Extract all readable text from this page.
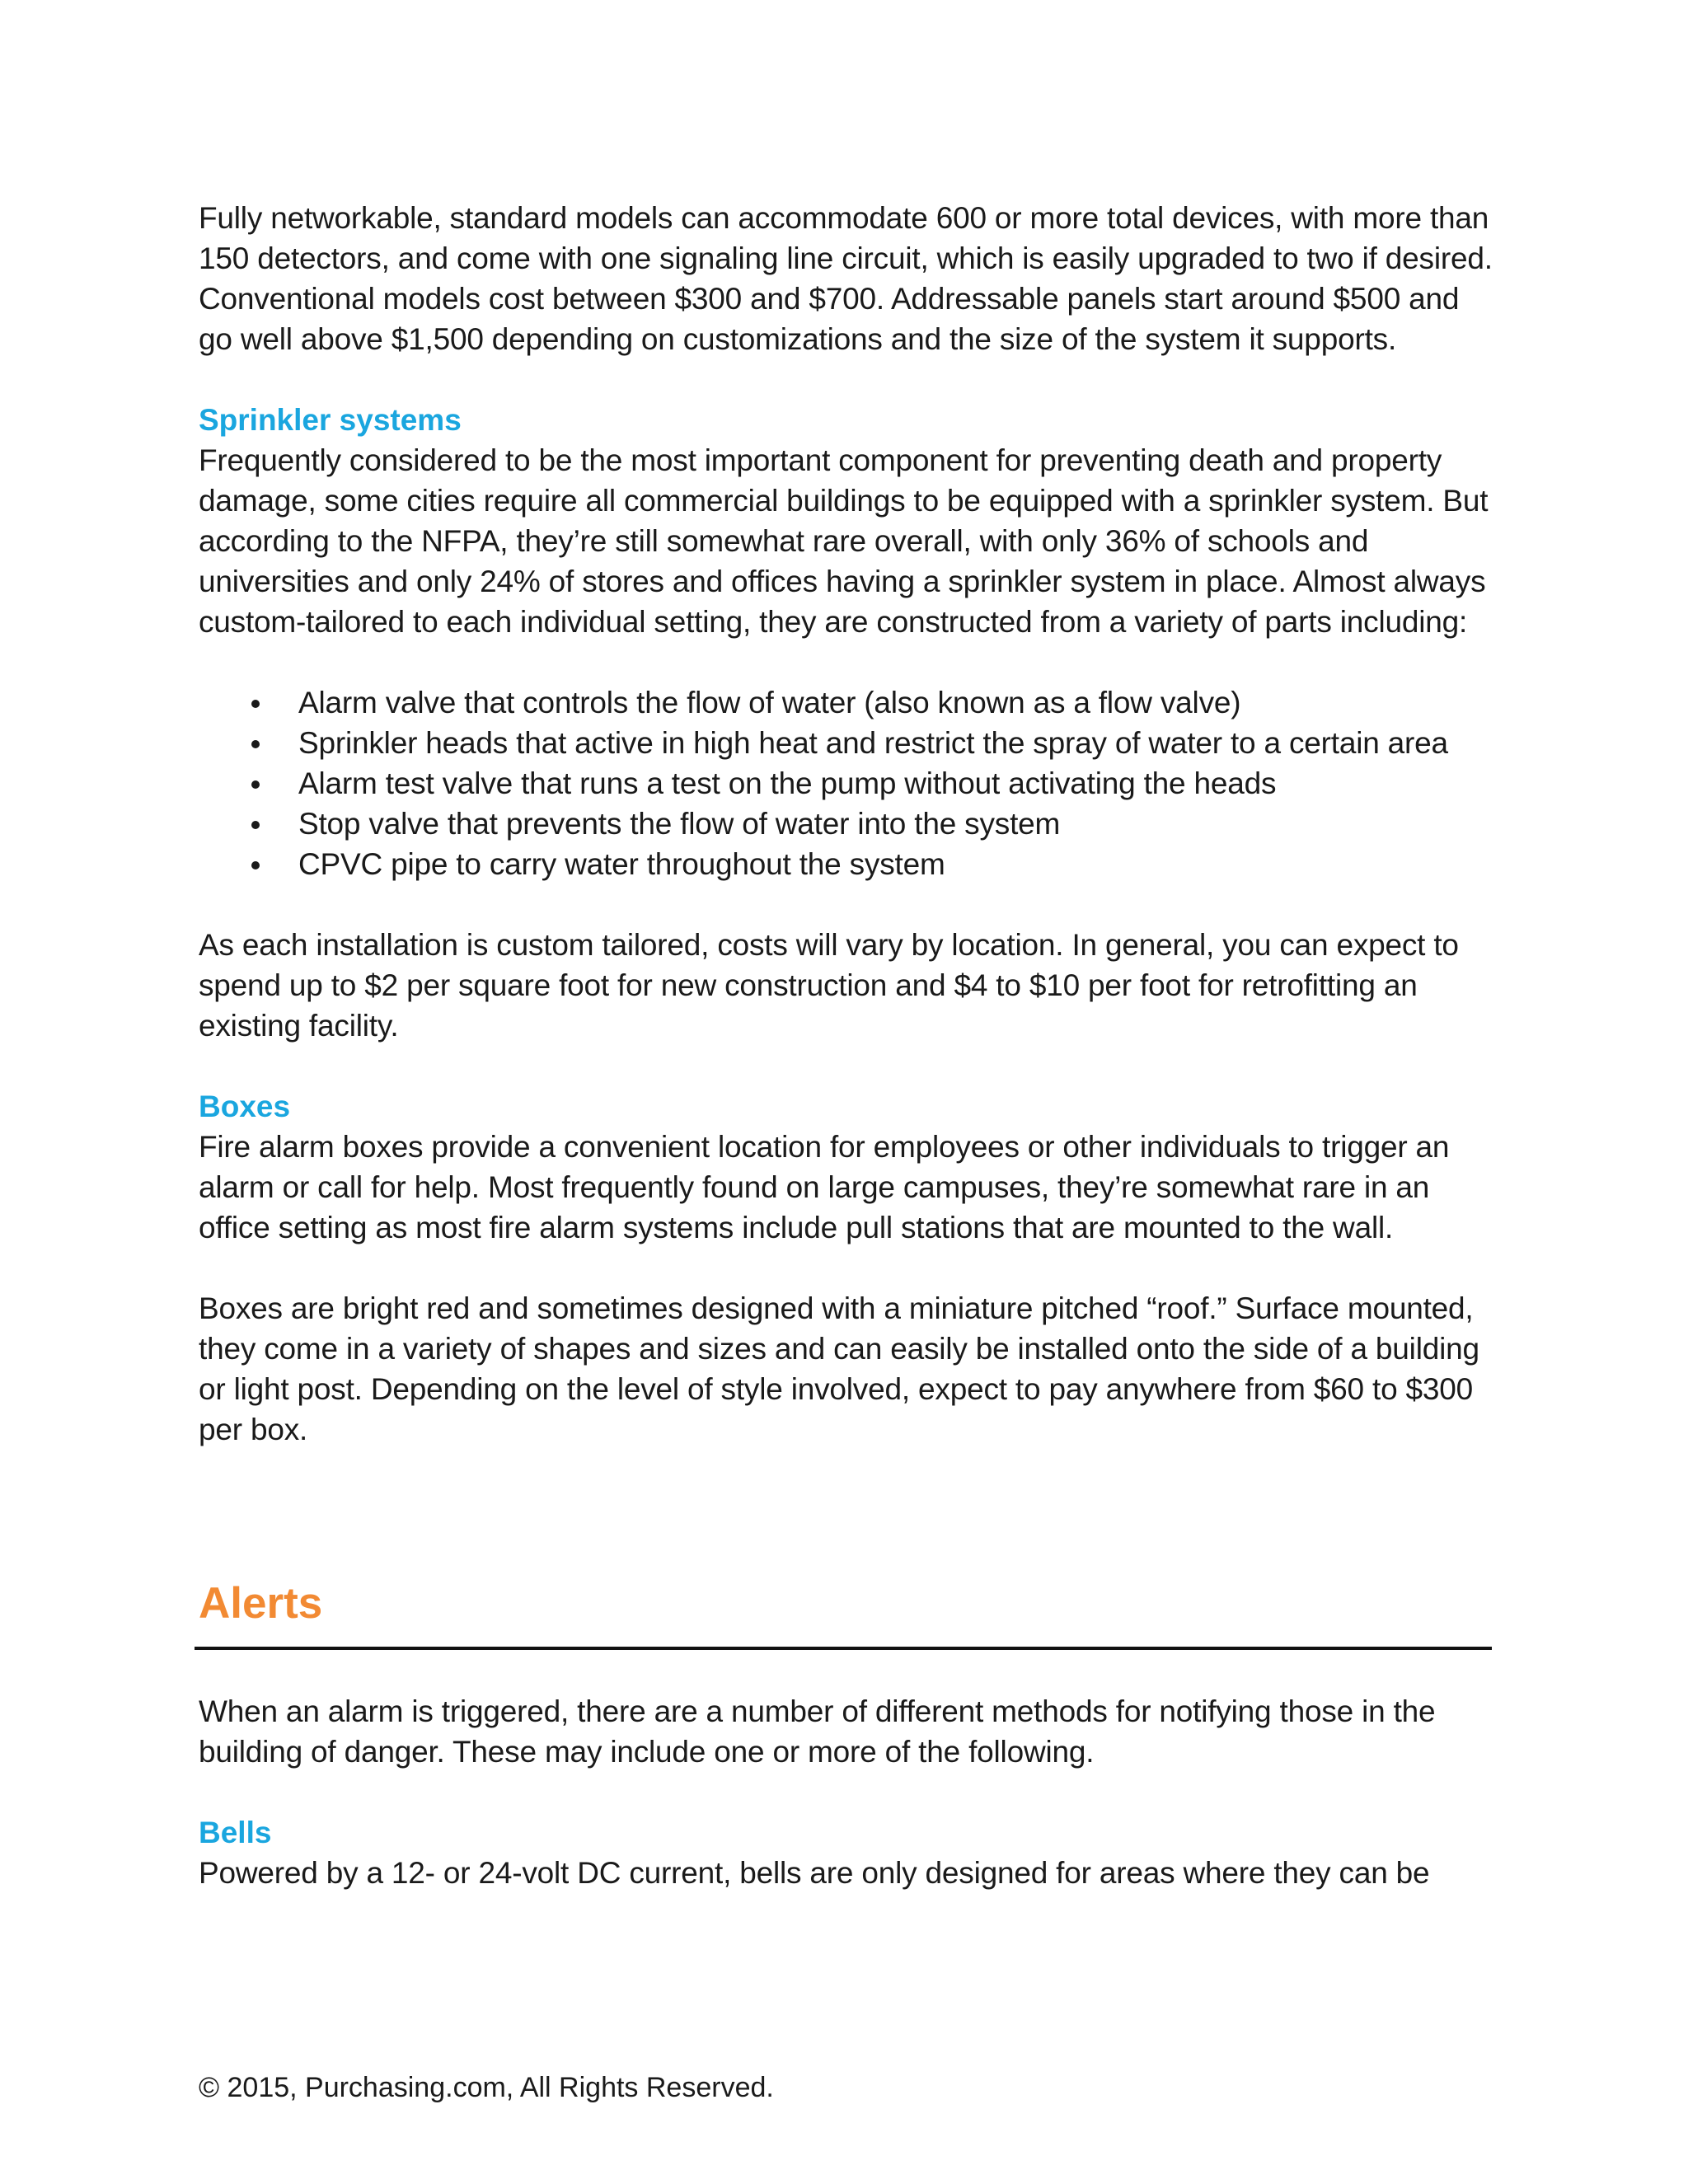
Fully networkable, standard models can accommodate 600 or more total devices, with more than 150 detectors, and come with one signaling line circuit, which is easily upgraded to two if desired. Conventional models cost between $300 and $700. Addressable panels start around $500 and go well above $1,500 depending on customizations and the size of the system it supports.

Sprinkler systems

Frequently considered to be the most important component for preventing death and property damage, some cities require all commercial buildings to be equipped with a sprinkler system. But according to the NFPA, they’re still somewhat rare overall, with only 36% of schools and universities and only 24% of stores and offices having a sprinkler system in place. Almost always custom-tailored to each individual setting, they are constructed from a variety of parts including:

Alarm valve that controls the flow of water (also known as a flow valve)
Sprinkler heads that active in high heat and restrict the spray of water to a certain area
Alarm test valve that runs a test on the pump without activating the heads
Stop valve that prevents the flow of water into the system
CPVC pipe to carry water throughout the system

As each installation is custom tailored, costs will vary by location. In general, you can expect to spend up to $2 per square foot for new construction and $4 to $10 per foot for retrofitting an existing facility.

Boxes

Fire alarm boxes provide a convenient location for employees or other individuals to trigger an alarm or call for help. Most frequently found on large campuses, they’re somewhat rare in an office setting as most fire alarm systems include pull stations that are mounted to the wall.

Boxes are bright red and sometimes designed with a miniature pitched “roof.” Surface mounted, they come in a variety of shapes and sizes and can easily be installed onto the side of a building or light post. Depending on the level of style involved, expect to pay anywhere from $60 to $300 per box.

Alerts

When an alarm is triggered, there are a number of different methods for notifying those in the building of danger. These may include one or more of the following.

Bells

Powered by a 12- or 24-volt DC current, bells are only designed for areas where they can be

© 2015, Purchasing.com, All Rights Reserved.
